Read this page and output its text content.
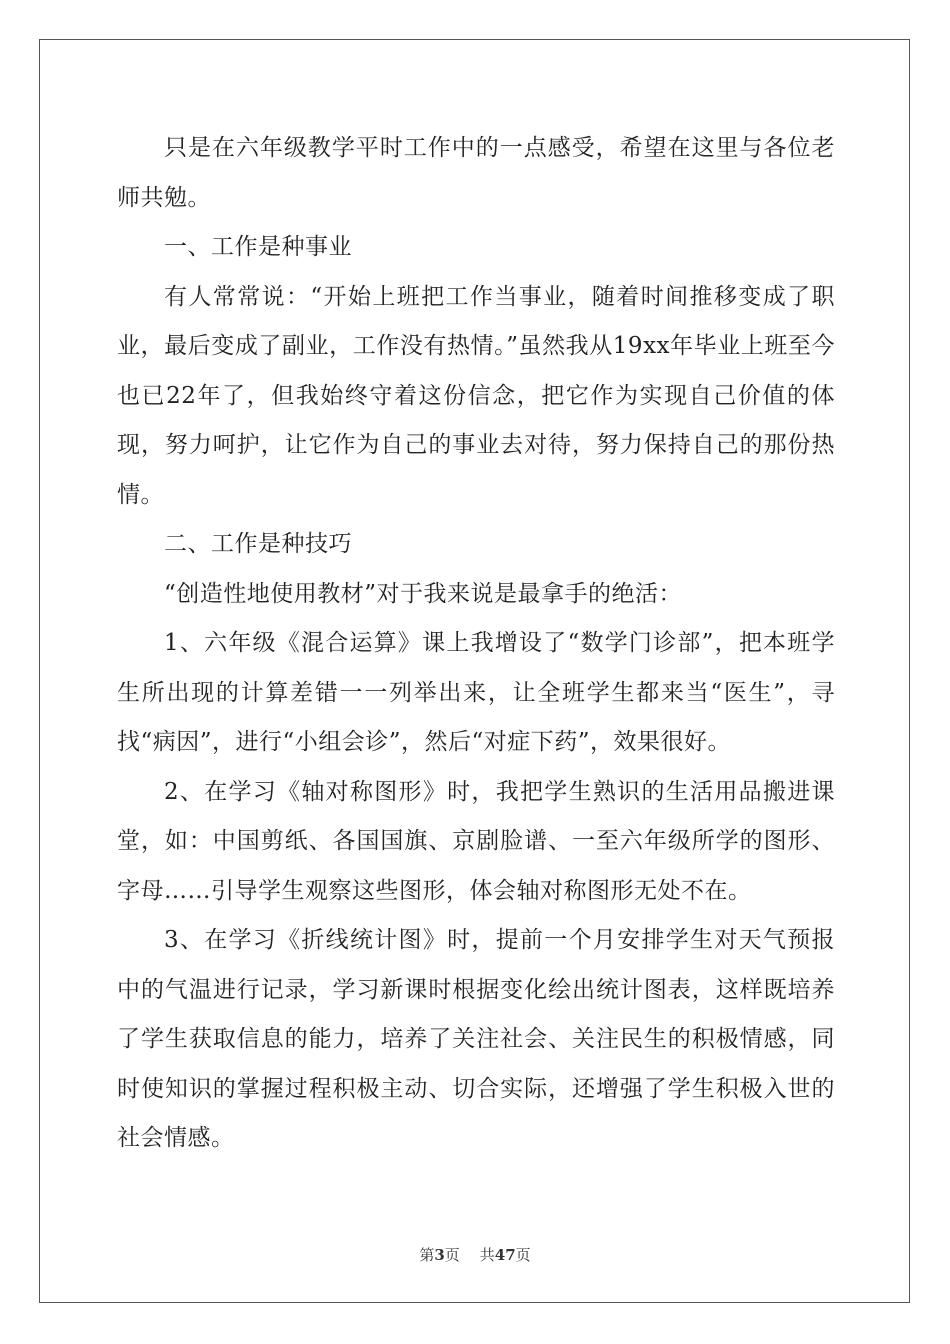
只是在六年级教学平时工作中的一点感受，希望在这里与各位老师共勉。

一、工作是种事业

有人常常说：“开始上班把工作当事业，随着时间推移变成了职业，最后变成了副业，工作没有热情。”虽然我从19xx年毕业上班至今也已22年了，但我始终守着这份信念，把它作为实现自己价值的体现，努力呵护，让它作为自己的事业去对待，努力保持自己的那份热情。

二、工作是种技巧

“创造性地使用教材”对于我来说是最拿手的绝活：

1、六年级《混合运算》课上我增设了“数学门诊部”，把本班学生所出现的计算差错一一列举出来，让全班学生都来当“医生”，寻找“病因”，进行“小组会诊”，然后“对症下药”，效果很好。

2、在学习《轴对称图形》时，我把学生熟识的生活用品搬进课堂，如：中国剪纸、各国国旗、京剧脸谱、一至六年级所学的图形、字母……引导学生观察这些图形，体会轴对称图形无处不在。

3、在学习《折线统计图》时，提前一个月安排学生对天气预报中的气温进行记录，学习新课时根据变化绘出统计图表，这样既培养了学生获取信息的能力，培养了关注社会、关注民生的积极情感，同时使知识的掌握过程积极主动、切合实际，还增强了学生积极入世的社会情感。

第3页 共47页
